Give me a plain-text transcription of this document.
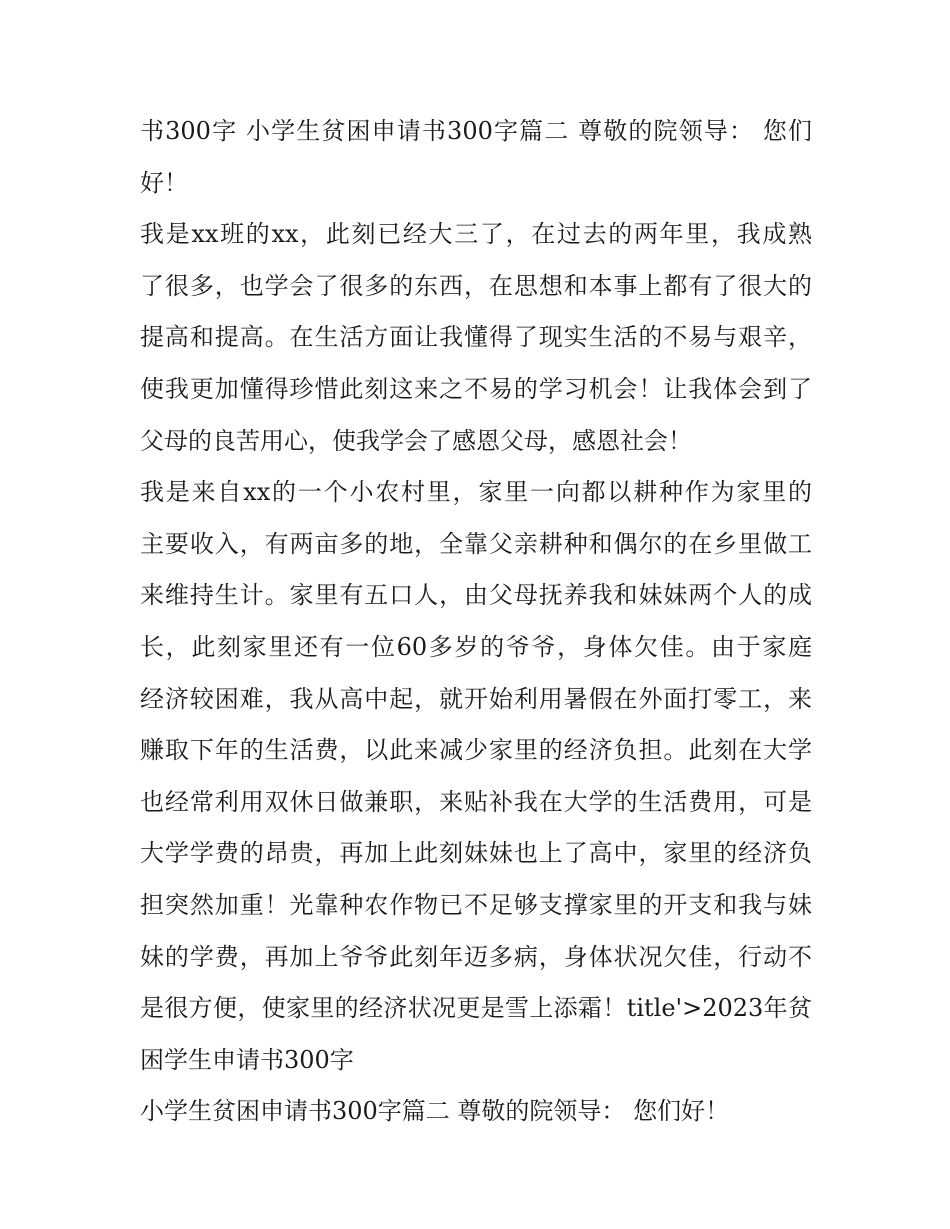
书300字 小学生贫困申请书300字篇二 尊敬的院领导： 您们
好！
我是xx班的xx，此刻已经大三了，在过去的两年里，我成熟
了很多，也学会了很多的东西，在思想和本事上都有了很大的
提高和提高。在生活方面让我懂得了现实生活的不易与艰辛，
使我更加懂得珍惜此刻这来之不易的学习机会！让我体会到了
父母的良苦用心，使我学会了感恩父母，感恩社会！
我是来自xx的一个小农村里，家里一向都以耕种作为家里的
主要收入，有两亩多的地，全靠父亲耕种和偶尔的在乡里做工
来维持生计。家里有五口人，由父母抚养我和妹妹两个人的成
长，此刻家里还有一位60多岁的爷爷，身体欠佳。由于家庭
经济较困难，我从高中起，就开始利用暑假在外面打零工，来
赚取下年的生活费，以此来减少家里的经济负担。此刻在大学
也经常利用双休日做兼职，来贴补我在大学的生活费用，可是
大学学费的昂贵，再加上此刻妹妹也上了高中，家里的经济负
担突然加重！光靠种农作物已不足够支撑家里的开支和我与妹
妹的学费，再加上爷爷此刻年迈多病，身体状况欠佳，行动不
是很方便，使家里的经济状况更是雪上添霜！title'>2023年贫
困学生申请书300字
小学生贫困申请书300字篇二 尊敬的院领导： 您们好！
